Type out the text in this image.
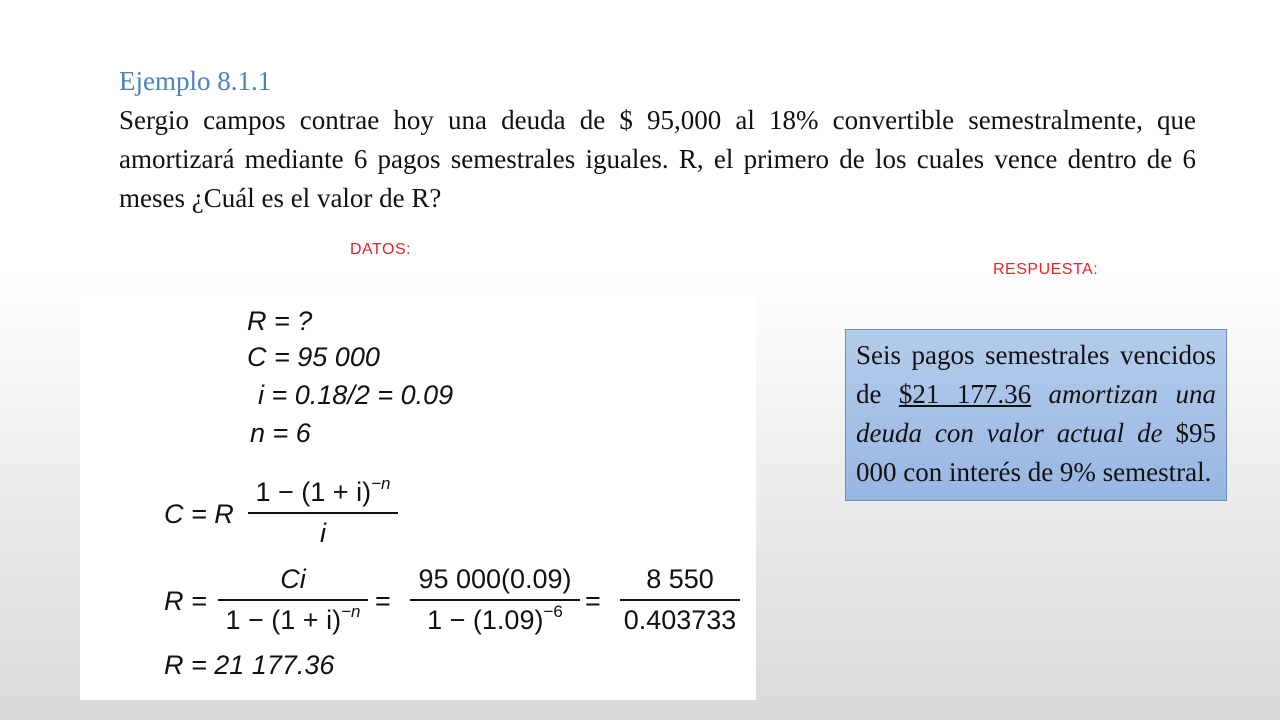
Ejemplo 8.1.1

Sergio campos contrae hoy una deuda de $ 95,000 al 18% convertible semestralmente, que amortizará mediante 6 pagos semestrales iguales. R, el primero de los cuales vence dentro de 6 meses ¿Cuál es el valor de R?

DATOS:
RESPUESTA:
R = ?
C = 95 000
i = 0.18/2 = 0.09
n = 6
C = R
$1 - (1 + i)^{-n}$
i
R =
Ci
$1 - (1 + i)^{-n}$ =
95 000(0.09)
$1 - (1.09)^{-6}$ =
8 550
0.403733
R = 21 177.36
Seis pagos semestrales vencidos de $21 177.36 amortizan una deuda con valor actual de $95 000 con interés de 9% semestral.
